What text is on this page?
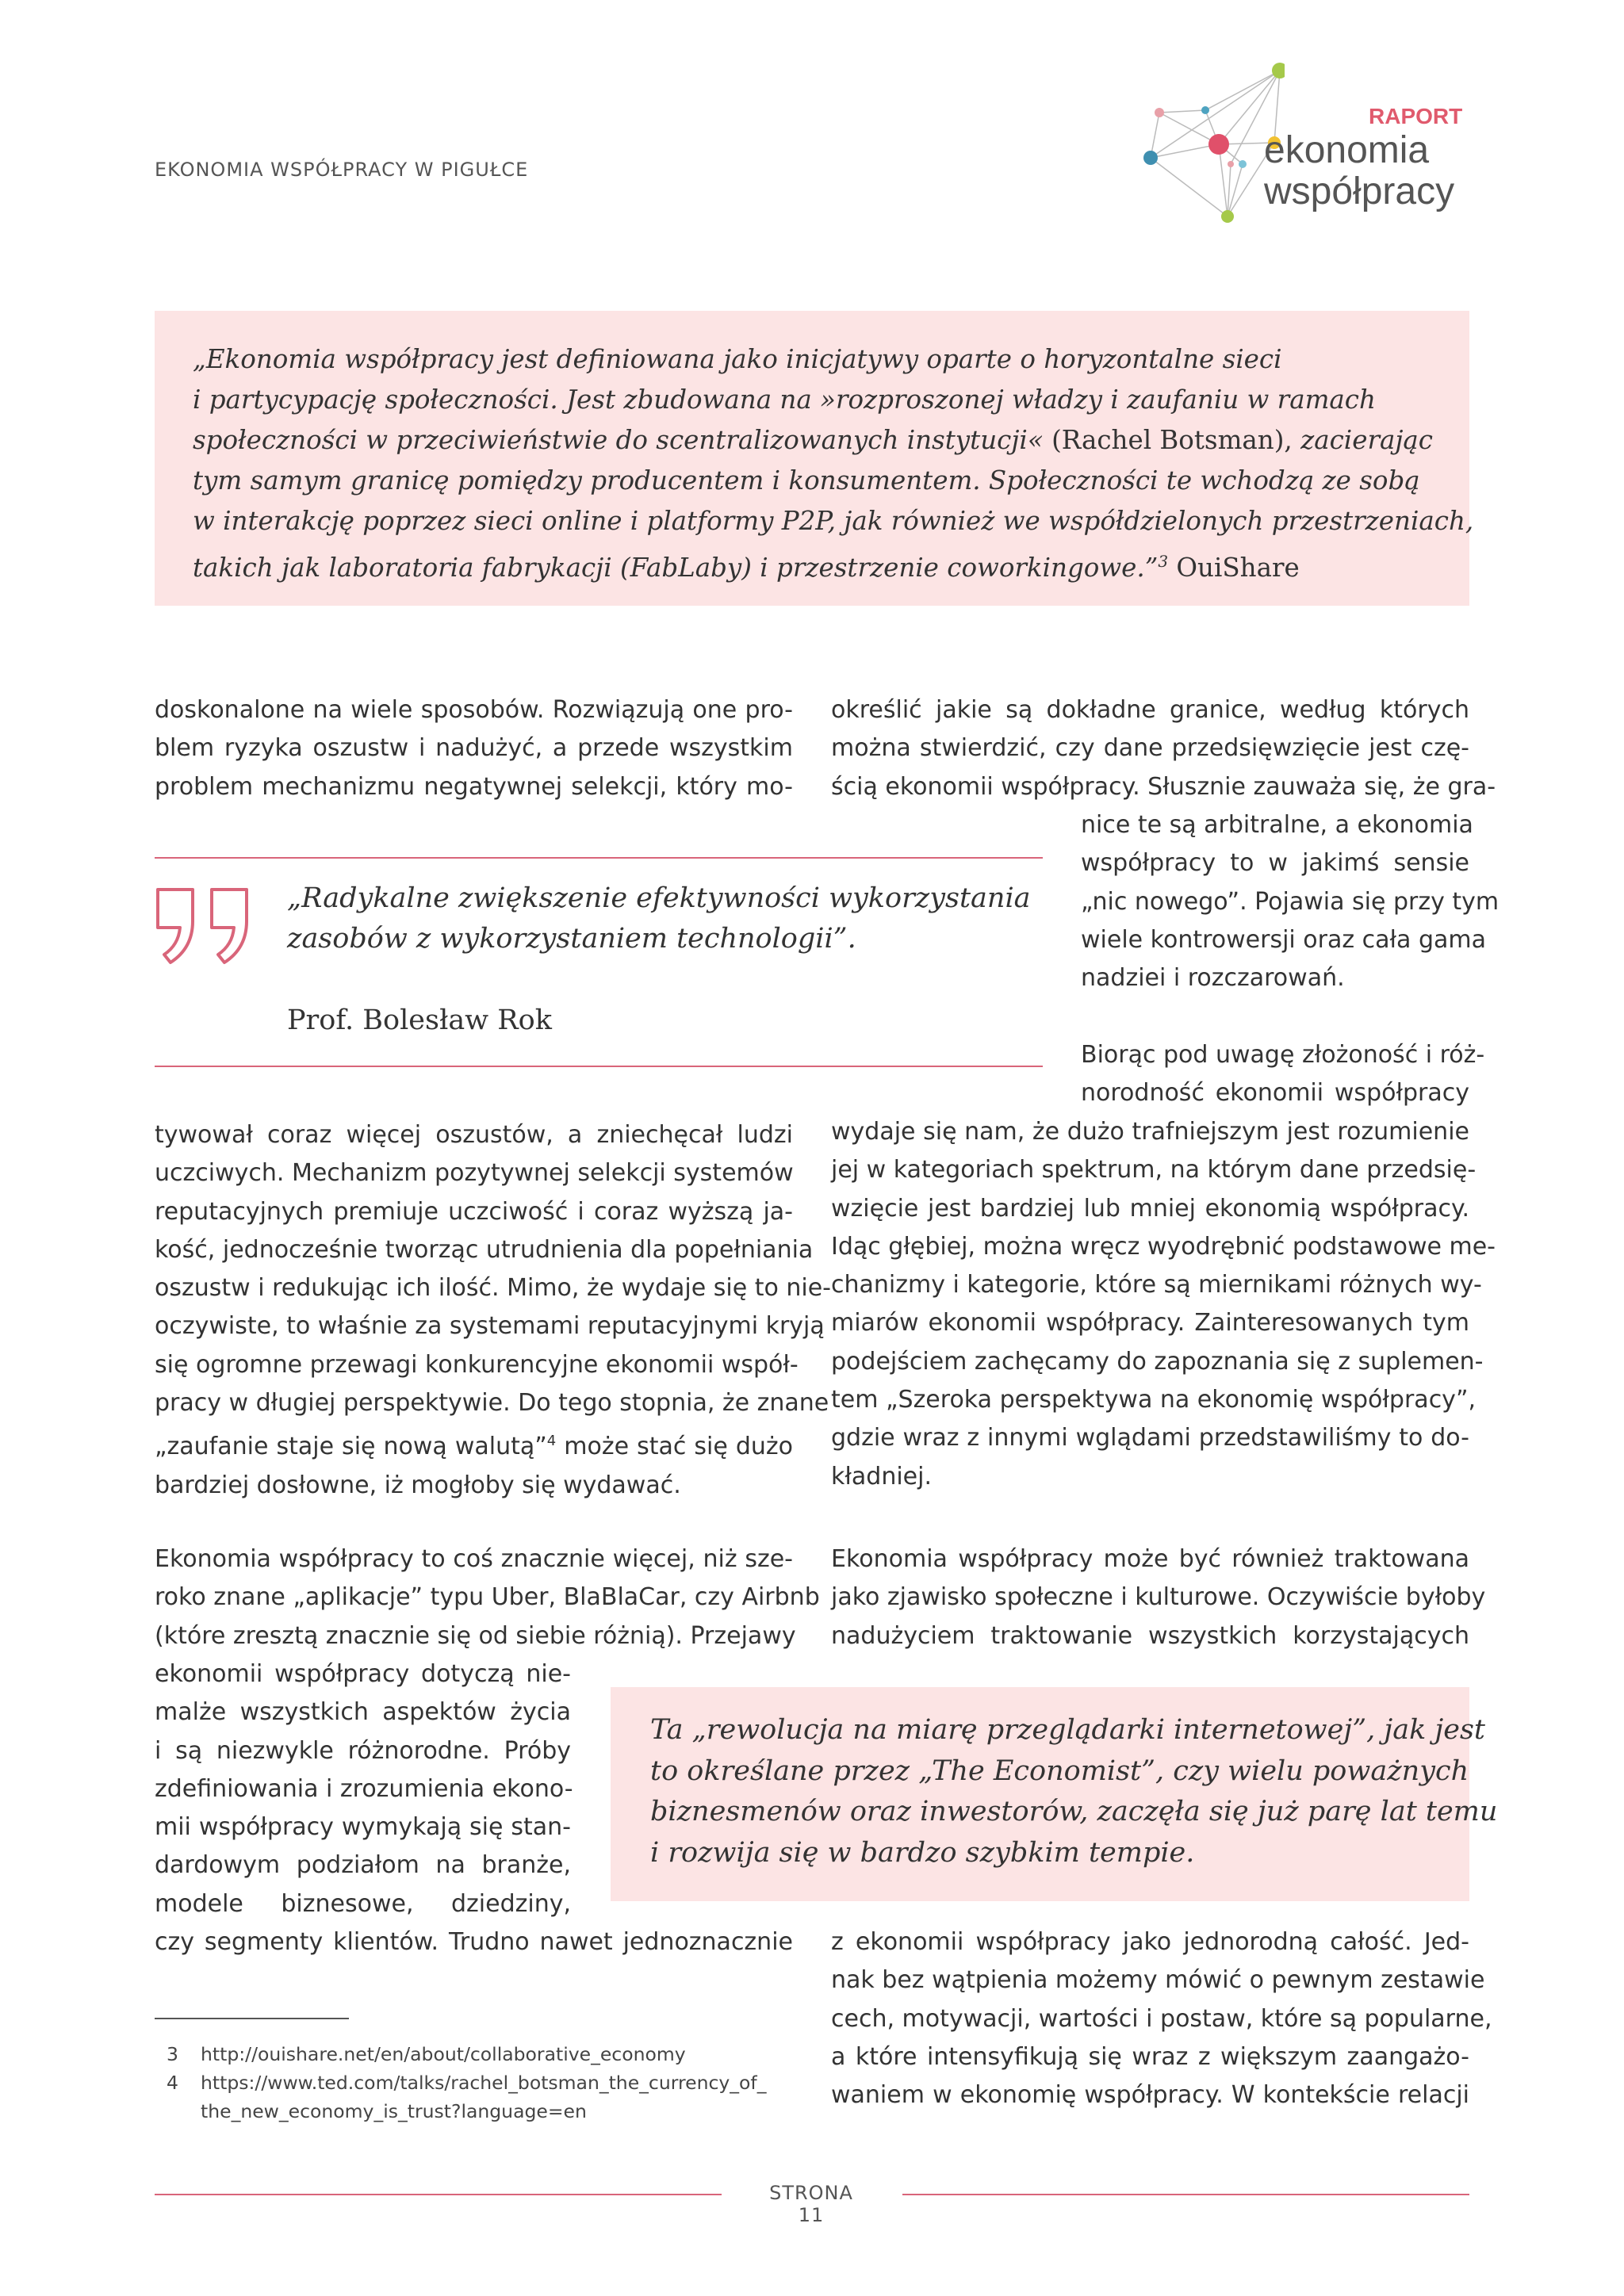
EKONOMIA WSPÓŁPRACY W PIGUŁCE
RAPORT
ekonomia
współpracy
„Ekonomia współpracy jest definiowana jako inicjatywy oparte o horyzontalne sieci
i partycypację społeczności. Jest zbudowana na »rozproszonej władzy i zaufaniu w ramach
społeczności w przeciwieństwie do scentralizowanych instytucji« (Rachel Botsman), zacierając
tym samym granicę pomiędzy producentem i konsumentem. Społeczności te wchodzą ze sobą
w interakcję poprzez sieci online i platformy P2P, jak również we współdzielonych przestrzeniach,
takich jak laboratoria fabrykacji (FabLaby) i przestrzenie coworkingowe.”$^3$ OuiShare
doskonalone na wiele sposobów. Rozwiązują one pro-
blem ryzyka oszustw i nadużyć, a przede wszystkim
problem mechanizmu negatywnej selekcji, który mo-
określić jakie są dokładne granice, według których
można stwierdzić, czy dane przedsięwzięcie jest czę-
ścią ekonomii współpracy. Słusznie zauważa się, że gra-
nice te są arbitralne, a ekonomia
współpracy to w jakimś sensie
„nic nowego”. Pojawia się przy tym
wiele kontrowersji oraz cała gama
nadziei i rozczarowań.
„Radykalne zwiększenie efektywności wykorzystania
zasobów z wykorzystaniem technologii”.
Prof. Bolesław Rok
Biorąc pod uwagę złożoność i róż-
norodność ekonomii współpracy
wydaje się nam, że dużo trafniejszym jest rozumienie
jej w kategoriach spektrum, na którym dane przedsię-
wzięcie jest bardziej lub mniej ekonomią współpracy.
Idąc głębiej, można wręcz wyodrębnić podstawowe me-
chanizmy i kategorie, które są miernikami różnych wy-
miarów ekonomii współpracy. Zainteresowanych tym
podejściem zachęcamy do zapoznania się z suplemen-
tem „Szeroka perspektywa na ekonomię współpracy”,
gdzie wraz z innymi wglądami przedstawiliśmy to do-
kładniej.
tywował coraz więcej oszustów, a zniechęcał ludzi
uczciwych. Mechanizm pozytywnej selekcji systemów
reputacyjnych premiuje uczciwość i coraz wyższą ja-
kość, jednocześnie tworząc utrudnienia dla popełniania
oszustw i redukując ich ilość. Mimo, że wydaje się to nie-
oczywiste, to właśnie za systemami reputacyjnymi kryją
się ogromne przewagi konkurencyjne ekonomii współ-
pracy w długiej perspektywie. Do tego stopnia, że znane
„zaufanie staje się nową walutą”$^4$ może stać się dużo
bardziej dosłowne, iż mogłoby się wydawać.
Ekonomia współpracy to coś znacznie więcej, niż sze-
roko znane „aplikacje” typu Uber, BlaBlaCar, czy Airbnb
(które zresztą znacznie się od siebie różnią). Przejawy
ekonomii współpracy dotyczą nie-
malże wszystkich aspektów życia
i są niezwykle różnorodne. Próby
zdefiniowania i zrozumienia ekono-
mii współpracy wymykają się stan-
dardowym podziałom na branże,
modele biznesowe, dziedziny,
czy segmenty klientów. Trudno nawet jednoznacznie
Ekonomia współpracy może być również traktowana
jako zjawisko społeczne i kulturowe. Oczywiście byłoby
nadużyciem traktowanie wszystkich korzystających
Ta „rewolucja na miarę przeglądarki internetowej”, jak jest
to określane przez „The Economist”, czy wielu poważnych
biznesmenów oraz inwestorów, zaczęła się już parę lat temu
i rozwija się w bardzo szybkim tempie.
z ekonomii współpracy jako jednorodną całość. Jed-
nak bez wątpienia możemy mówić o pewnym zestawie
cech, motywacji, wartości i postaw, które są popularne,
a które intensyfikują się wraz z większym zaangażo-
waniem w ekonomię współpracy. W kontekście relacji
3 http://ouishare.net/en/about/collaborative_economy
4 https://www.ted.com/talks/rachel_botsman_the_currency_of_
the_new_economy_is_trust?language=en
STRONA 11
